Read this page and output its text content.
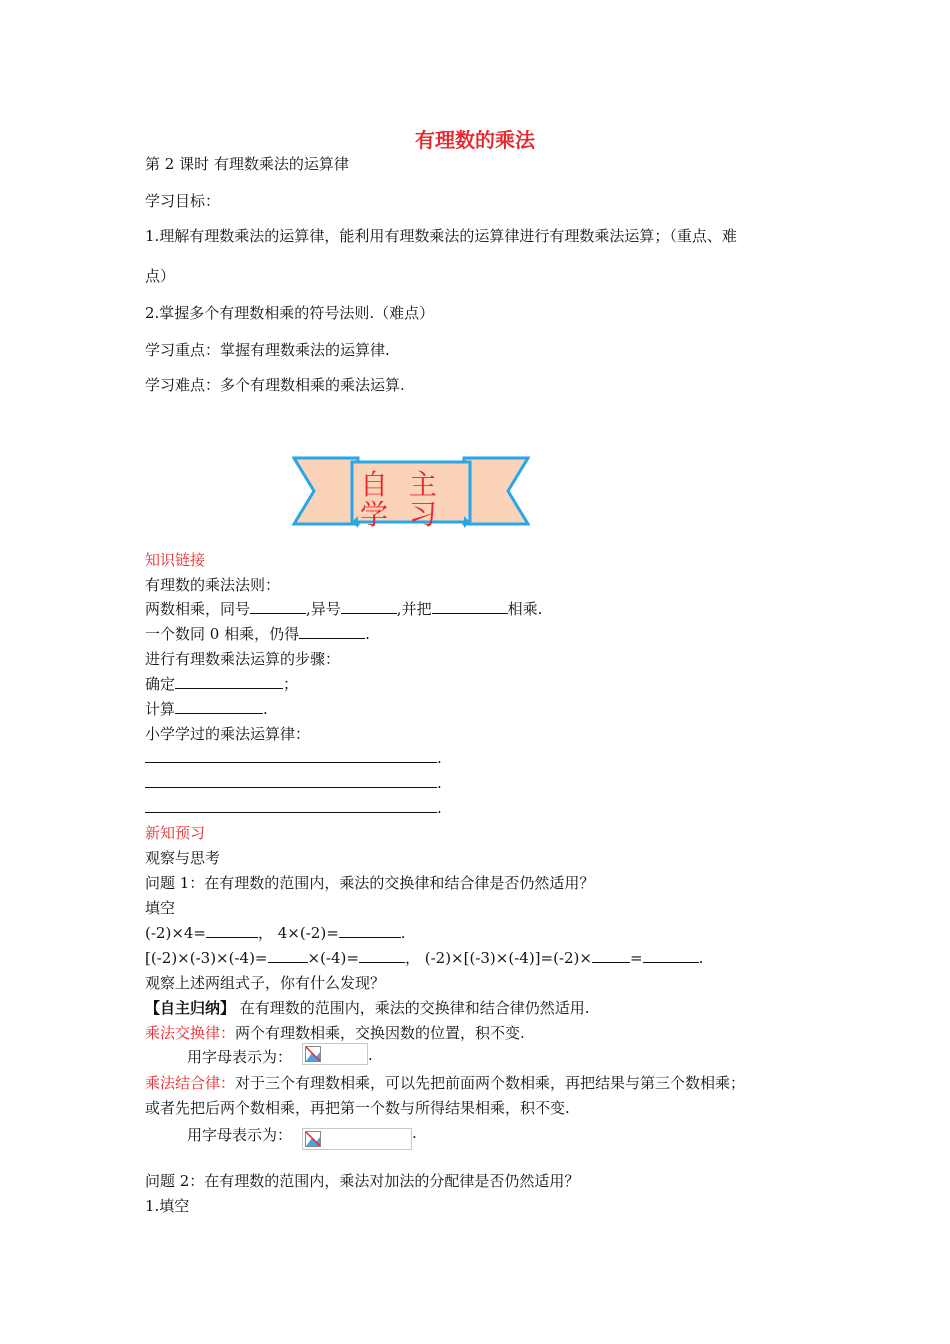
有理数的乘法
第 2 课时 有理数乘法的运算律
学习目标：
1.理解有理数乘法的运算律，能利用有理数乘法的运算律进行有理数乘法运算；（重点、难
点）
2.掌握多个有理数相乘的符号法则.（难点）
学习重点：掌握有理数乘法的运算律.
学习难点：多个有理数相乘的乘法运算.
自 主 学 习
知识链接
有理数的乘法法则：
两数相乘，同号	,异号	,并把	相乘.
一个数同 0 相乘，仍得	.
进行有理数乘法运算的步骤：
确定	；
计算	.
小学学过的乘法运算律：
.
.
.
新知预习
观察与思考
问题 1：在有理数的范围内，乘法的交换律和结合律是否仍然适用？
填空
(-2)×4=	， 4×(-2)=	.
[(-2)×(-3)×(-4)=	×(-4)=	， (-2)×[(-3)×(-4)]=(-2)×	=	.
观察上述两组式子，你有什么发现？
【自主归纳】 在有理数的范围内，乘法的交换律和结合律仍然适用.
乘法交换律：两个有理数相乘，交换因数的位置，积不变.
用字母表示为：	.
乘法结合律：对于三个有理数相乘，可以先把前面两个数相乘，再把结果与第三个数相乘；
或者先把后两个数相乘，再把第一个数与所得结果相乘，积不变.
用字母表示为：	.
问题 2：在有理数的范围内，乘法对加法的分配律是否仍然适用？
1.填空
